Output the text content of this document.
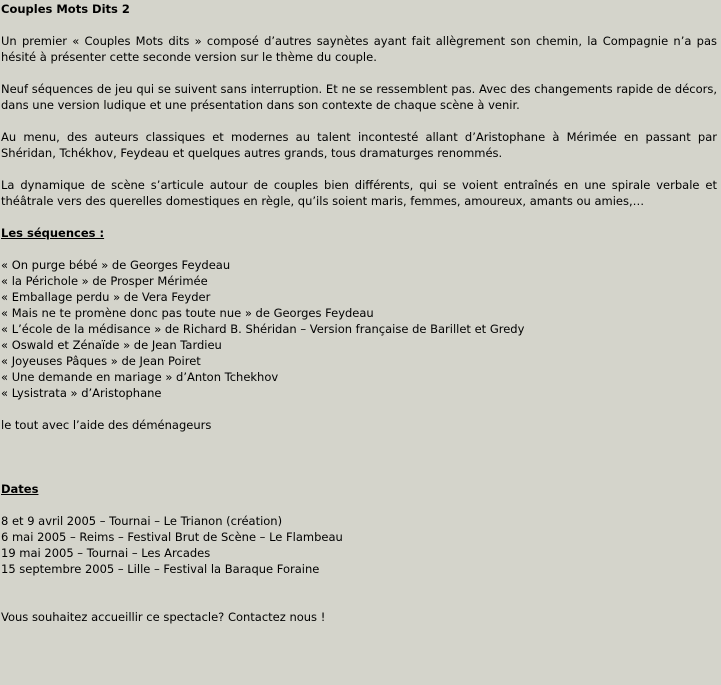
Couples Mots Dits 2

Un premier « Couples Mots dits » composé d’autres saynètes ayant fait allègrement son chemin, la Compagnie n’a pas hésité à présenter cette seconde version sur le thème du couple.

Neuf séquences de jeu qui se suivent sans interruption. Et ne se ressemblent pas. Avec des changements rapide de décors, dans une version ludique et une présentation dans son contexte de chaque scène à venir.

Au menu, des auteurs classiques et modernes au talent incontesté allant d’Aristophane à Mérimée en passant par Shéridan, Tchékhov, Feydeau et quelques autres grands, tous dramaturges renommés.

La dynamique de scène s’articule autour de couples bien différents, qui se voient entraînés en une spirale verbale et théâtrale vers des querelles domestiques en règle, qu’ils soient maris, femmes, amoureux, amants ou amies,…

Les séquences :
« On purge bébé » de Georges Feydeau
« la Périchole » de Prosper Mérimée
« Emballage perdu » de Vera Feyder
« Mais ne te promène donc pas toute nue » de Georges Feydeau
« L’école de la médisance » de Richard B. Shéridan – Version française de Barillet et Gredy
« Oswald et Zénaïde » de Jean Tardieu
« Joyeuses Pâques » de Jean Poiret
« Une demande en mariage » d’Anton Tchekhov
« Lysistrata » d’Aristophane

le tout avec l’aide des déménageurs

Dates
8 et 9 avril 2005 – Tournai – Le Trianon (création)
6 mai 2005 – Reims – Festival Brut de Scène – Le Flambeau
19 mai 2005 – Tournai – Les Arcades
15 septembre 2005 – Lille – Festival la Baraque Foraine

Vous souhaitez accueillir ce spectacle? Contactez nous !
